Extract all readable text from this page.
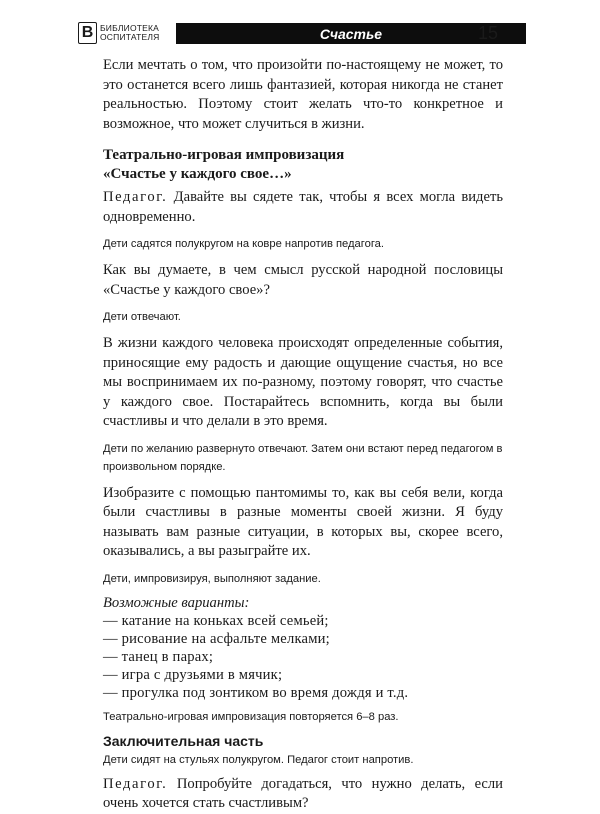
В БИБЛИОТЕКА
ОСПИТАТЕЛЯ	Счастье	15

Если мечтать о том, что произойти по-настоящему не может, то это останется всего лишь фантазией, которая никогда не станет реальностью. Поэтому стоит желать что-то конкретное и возможное, что может случиться в жизни.

Театрально-игровая импровизация

«Счастье у каждого свое…»

Педагог. Давайте вы сядете так, чтобы я всех могла видеть одновременно.

Дети садятся полукругом на ковре напротив педагога.

Как вы думаете, в чем смысл русской народной пословицы «Счастье у каждого свое»?

Дети отвечают.

В жизни каждого человека происходят определенные события, приносящие ему радость и дающие ощущение счастья, но все мы воспринимаем их по-разному, поэтому говорят, что счастье у каждого свое. Постарайтесь вспомнить, когда вы были счастливы и что делали в это время.

Дети по желанию развернуто отвечают. Затем они встают перед педагогом в произвольном порядке.

Изобразите с помощью пантомимы то, как вы себя вели, когда были счастливы в разные моменты своей жизни. Я буду называть вам разные ситуации, в которых вы, скорее всего, оказывались, а вы разыграйте их.

Дети, импровизируя, выполняют задание.

Возможные варианты:

— катание на коньках всей семьей;
— рисование на асфальте мелками;
— танец в парах;
— игра с друзьями в мячик;
— прогулка под зонтиком во время дождя и т.д.

Театрально-игровая импровизация повторяется 6–8 раз.

Заключительная часть

Дети сидят на стульях полукругом. Педагог стоит напротив.

Педагог. Попробуйте догадаться, что нужно делать, если очень хочется стать счастливым?
